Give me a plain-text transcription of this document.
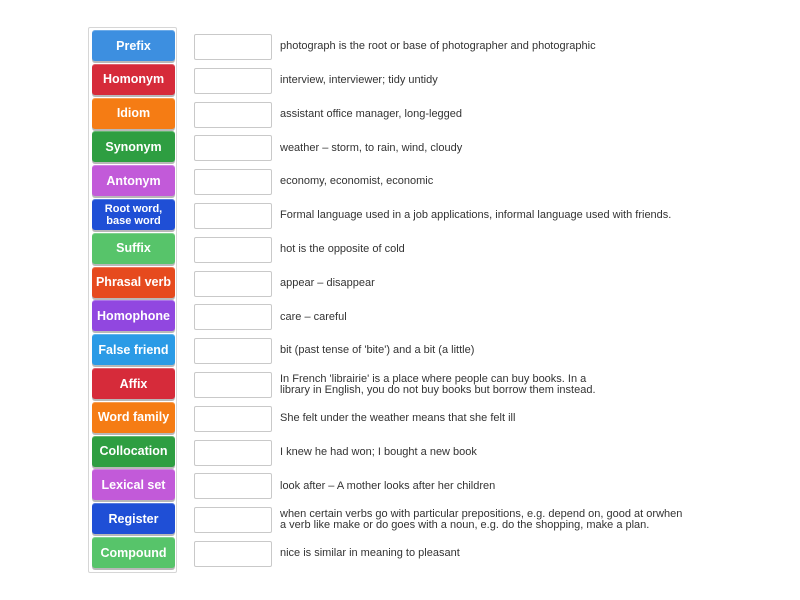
Prefix
Homonym
Idiom
Synonym
Antonym
Root word,
base word
Suffix
Phrasal verb
Homophone
False friend
Affix
Word family
Collocation
Lexical set
Register
Compound
photograph is the root or base of photographer and photographic
interview, interviewer; tidy untidy
assistant office manager, long-legged
weather – storm, to rain, wind, cloudy
economy, economist, economic
Formal language used in a job applications, informal language used with friends.
hot is the opposite of cold
appear – disappear
care – careful
bit (past tense of 'bite') and a bit (a little)
In French 'librairie' is a place where people can buy books. In a
library in English, you do not buy books but borrow them instead.
She felt under the weather means that she felt ill
I knew he had won; I bought a new book
look after – A mother looks after her children
when certain verbs go with particular prepositions, e.g. depend on, good at orwhen
a verb like make or do goes with a noun, e.g. do the shopping, make a plan.
nice is similar in meaning to pleasant
